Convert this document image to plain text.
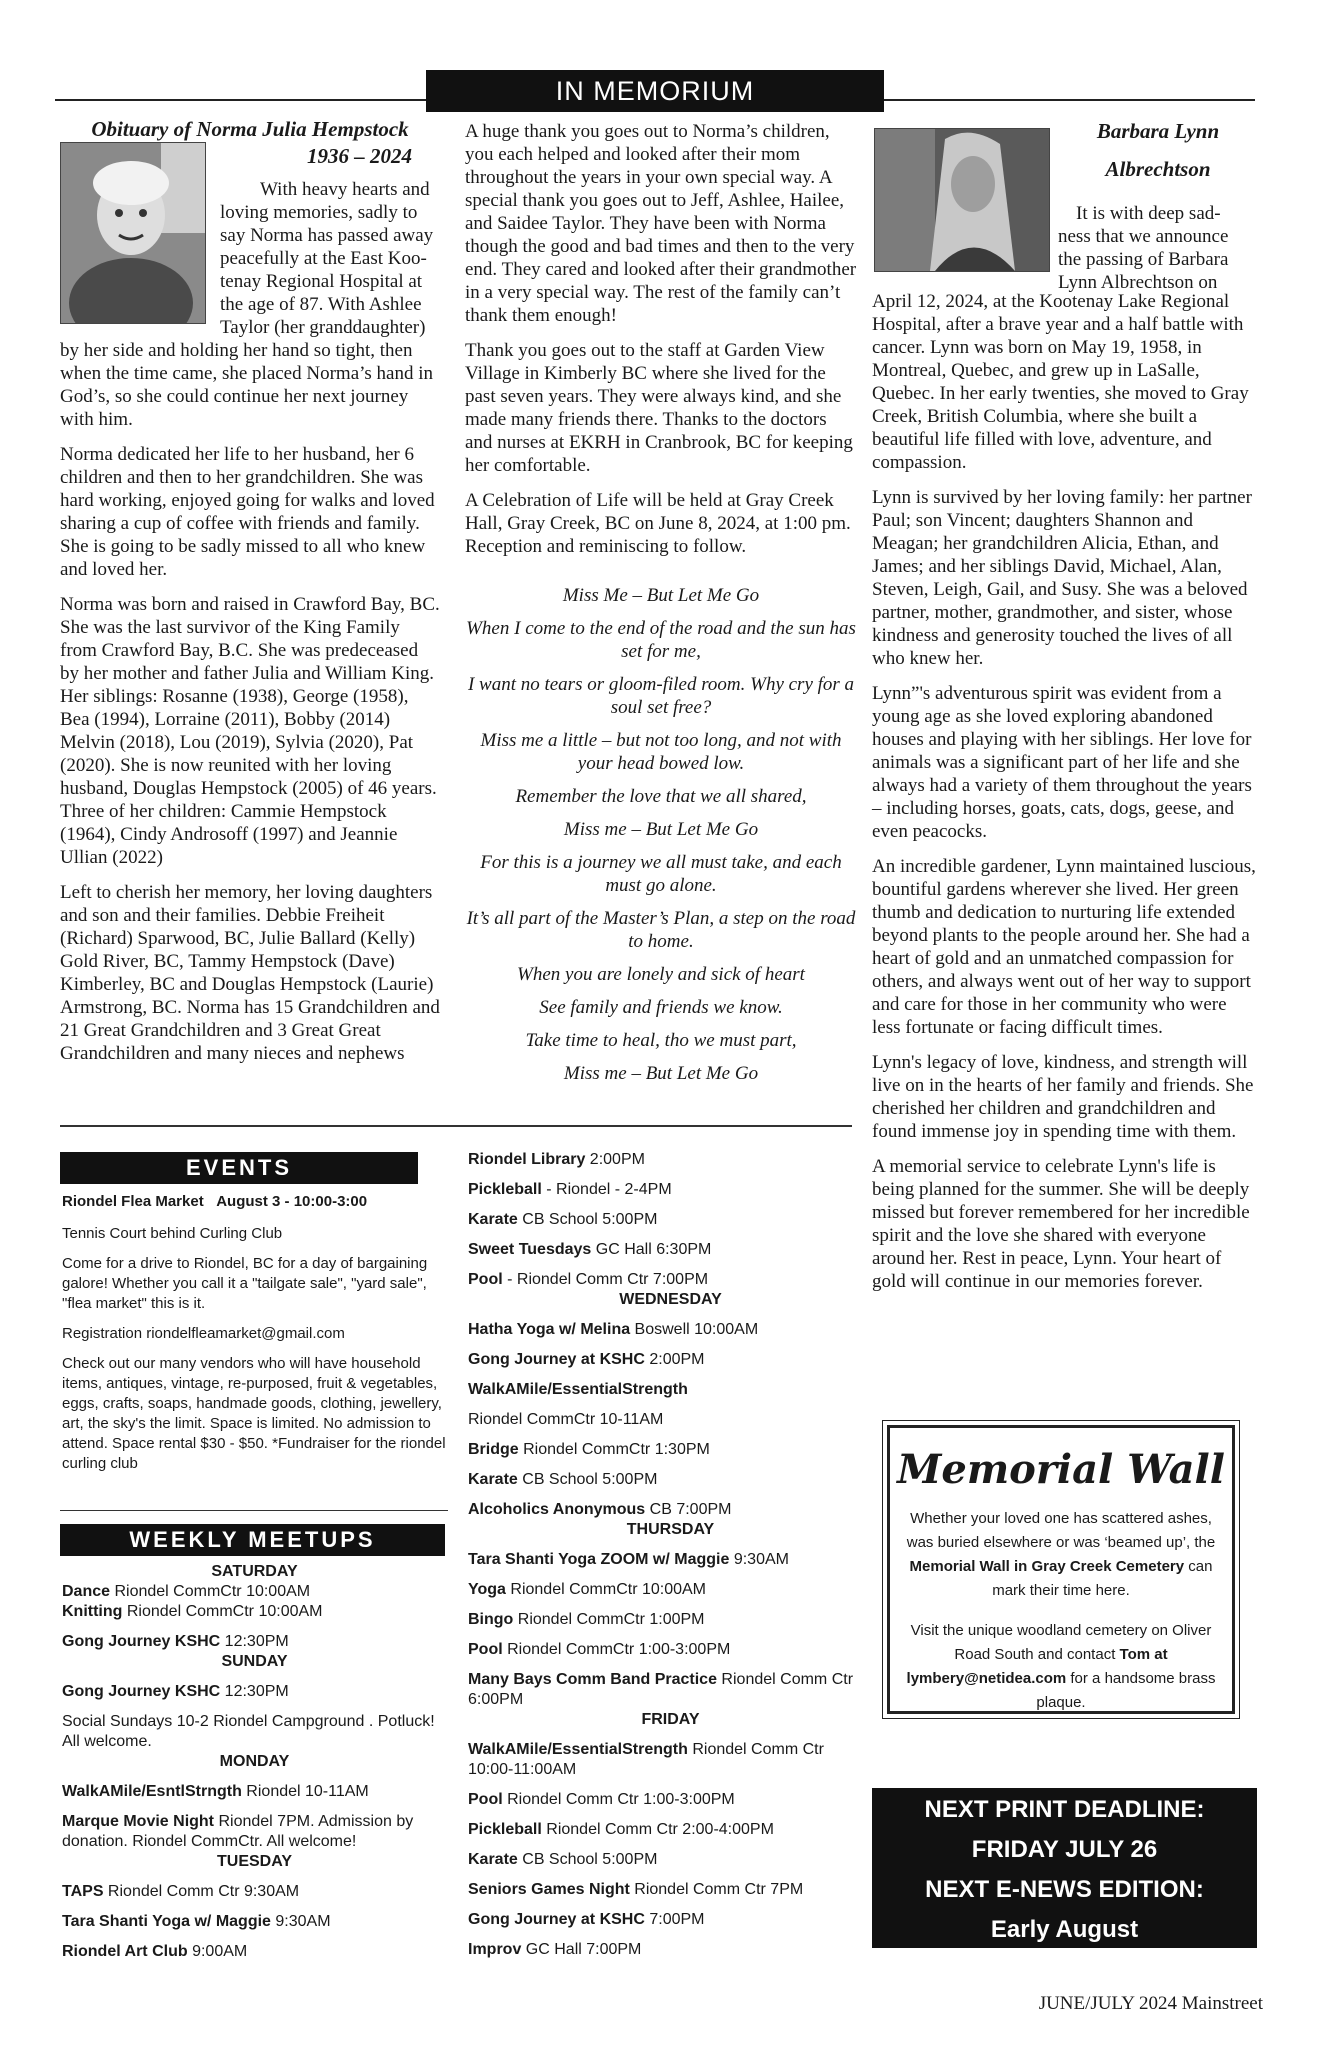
IN MEMORIUM
Obituary of Norma Julia Hempstock
1936 – 2024
With heavy hearts and
loving memories, sadly to
say Norma has passed away
peacefully at the East Koo-
tenay Regional Hospital at
the age of 87. With Ashlee
Taylor (her granddaughter)

by her side and holding her hand so tight, then when the time came, she placed Norma’s hand in God’s, so she could continue her next journey with him.

Norma dedicated her life to her husband, her 6 children and then to her grandchildren. She was hard working, enjoyed going for walks and loved sharing a cup of coffee with friends and family. She is going to be sadly missed to all who knew and loved her.

Norma was born and raised in Crawford Bay, BC. She was the last survivor of the King Family from Crawford Bay, B.C. She was predeceased by her mother and father Julia and William King. Her siblings: Rosanne (1938), George (1958), Bea (1994), Lorraine (2011), Bobby (2014) Melvin (2018), Lou (2019), Sylvia (2020), Pat (2020). She is now reunited with her loving husband, Douglas Hempstock (2005) of 46 years. Three of her children: Cammie Hempstock (1964), Cindy Androsoff (1997) and Jeannie Ullian (2022)

Left to cherish her memory, her loving daughters and son and their families. Debbie Freiheit (Richard) Sparwood, BC, Julie Ballard (Kelly) Gold River, BC, Tammy Hempstock (Dave) Kimberley, BC and Douglas Hempstock (Laurie) Armstrong, BC. Norma has 15 Grandchildren and 21 Great Grandchildren and 3 Great Great Grandchildren and many nieces and nephews

A huge thank you goes out to Norma’s children, you each helped and looked after their mom throughout the years in your own special way. A special thank you goes out to Jeff, Ashlee, Hailee, and Saidee Taylor. They have been with Norma though the good and bad times and then to the very end. They cared and looked after their grandmother in a very special way. The rest of the family can’t thank them enough!

Thank you goes out to the staff at Garden View Village in Kimberly BC where she lived for the past seven years. They were always kind, and she made many friends there. Thanks to the doctors and nurses at EKRH in Cranbrook, BC for keeping her comfortable.

A Celebration of Life will be held at Gray Creek Hall, Gray Creek, BC on June 8, 2024, at 1:00 pm. Reception and reminiscing to follow.

Miss Me – But Let Me Go

When I come to the end of the road and the sun has set for me,

I want no tears or gloom-filed room. Why cry for a soul set free?

Miss me a little – but not too long, and not with your head bowed low.

Remember the love that we all shared,

Miss me – But Let Me Go

For this is a journey we all must take, and each must go alone.

It’s all part of the Master’s Plan, a step on the road to home.

When you are lonely and sick of heart

See family and friends we know.

Take time to heal, tho we must part,

Miss me – But Let Me Go

Barbara Lynn
Albrechtson
It is with deep sad-
ness that we announce
the passing of Barbara
Lynn Albrechtson on

April 12, 2024, at the Kootenay Lake Regional Hospital, after a brave year and a half battle with cancer. Lynn was born on May 19, 1958, in Montreal, Quebec, and grew up in LaSalle, Quebec. In her early twenties, she moved to Gray Creek, British Columbia, where she built a beautiful life filled with love, adventure, and compassion.

Lynn is survived by her loving family: her partner Paul; son Vincent; daughters Shannon and Meagan; her grandchildren Alicia, Ethan, and James; and her siblings David, Michael, Alan, Steven, Leigh, Gail, and Susy. She was a beloved partner, mother, grandmother, and sister, whose kindness and generosity touched the lives of all who knew her.

Lynn”'s adventurous spirit was evident from a young age as she loved exploring abandoned houses and playing with her siblings. Her love for animals was a significant part of her life and she always had a variety of them throughout the years – including horses, goats, cats, dogs, geese, and even peacocks.

An incredible gardener, Lynn maintained luscious, bountiful gardens wherever she lived. Her green thumb and dedication to nurturing life extended beyond plants to the people around her. She had a heart of gold and an unmatched compassion for others, and always went out of her way to support and care for those in her community who were less fortunate or facing difficult times.

Lynn's legacy of love, kindness, and strength will live on in the hearts of her family and friends. She cherished her children and grandchildren and found immense joy in spending time with them.

A memorial service to celebrate Lynn's life is being planned for the summer. She will be deeply missed but forever remembered for her incredible spirit and the love she shared with everyone around her. Rest in peace, Lynn. Your heart of gold will continue in our memories forever.

EVENTS

Riondel Flea Market August 3 - 10:00-3:00

Tennis Court behind Curling Club

Come for a drive to Riondel, BC for a day of bargaining galore! Whether you call it a "tailgate sale", "yard sale", "flea market" this is it.

Registration riondelfleamarket@gmail.com

Check out our many vendors who will have household items, antiques, vintage, re-purposed, fruit & vegetables, eggs, crafts, soaps, handmade goods, clothing, jewellery, art, the sky's the limit. Space is limited. No admission to attend. Space rental $30 - $50. *Fundraiser for the riondel curling club

WEEKLY MEETUPS

SATURDAY

Dance Riondel CommCtr 10:00AM

Knitting Riondel CommCtr 10:00AM

Gong Journey KSHC 12:30PM

SUNDAY

Gong Journey KSHC 12:30PM

Social Sundays 10-2 Riondel Campground . Potluck! All welcome.

MONDAY

WalkAMile/EsntlStrngth Riondel 10-11AM

Marque Movie Night Riondel 7PM. Admission by donation. Riondel CommCtr. All welcome!

TUESDAY

TAPS Riondel Comm Ctr 9:30AM

Tara Shanti Yoga w/ Maggie 9:30AM

Riondel Art Club 9:00AM

Riondel Library 2:00PM

Pickleball - Riondel - 2-4PM

Karate CB School 5:00PM

Sweet Tuesdays GC Hall 6:30PM

Pool - Riondel Comm Ctr 7:00PM

WEDNESDAY

Hatha Yoga w/ Melina Boswell 10:00AM

Gong Journey at KSHC 2:00PM

WalkAMile/EssentialStrength

Riondel CommCtr 10-11AM

Bridge Riondel CommCtr 1:30PM

Karate CB School 5:00PM

Alcoholics Anonymous CB 7:00PM

THURSDAY

Tara Shanti Yoga ZOOM w/ Maggie 9:30AM

Yoga Riondel CommCtr 10:00AM

Bingo Riondel CommCtr 1:00PM

Pool Riondel CommCtr 1:00-3:00PM

Many Bays Comm Band Practice Riondel Comm Ctr 6:00PM

FRIDAY

WalkAMile/EssentialStrength Riondel Comm Ctr 10:00-11:00AM

Pool Riondel Comm Ctr 1:00-3:00PM

Pickleball Riondel Comm Ctr 2:00-4:00PM

Karate CB School 5:00PM

Seniors Games Night Riondel Comm Ctr 7PM

Gong Journey at KSHC 7:00PM

Improv GC Hall 7:00PM

Memorial Wall
Whether your loved one has scattered ashes, was buried elsewhere or was ‘beamed up’, the Memorial Wall in Gray Creek Cemetery can mark their time here.
Visit the unique woodland cemetery on Oliver Road South and contact Tom at lymbery@netidea.com for a handsome brass plaque.
NEXT PRINT DEADLINE:
FRIDAY JULY 26
NEXT E-NEWS EDITION:
Early August
JUNE/JULY 2024 Mainstreet
